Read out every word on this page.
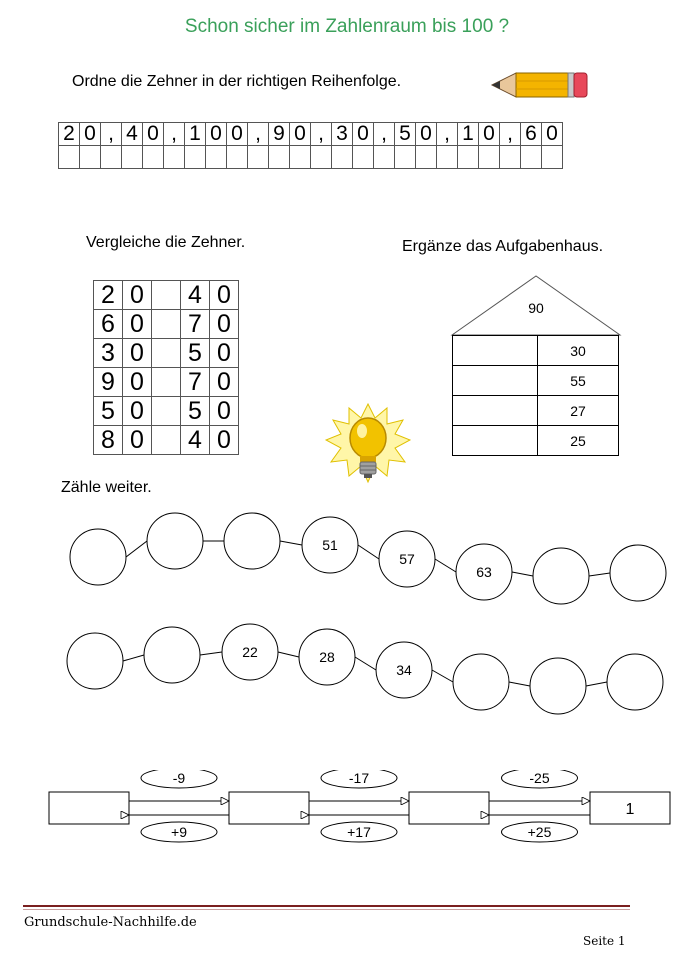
Schon sicher im Zahlenraum bis 100 ?
Ordne die Zehner in der richtigen Reihenfolge.
2	0	,	4	0	,	1	0	0	,	9	0	,	3	0	,	5	0	,	1	0	,	6	0

Vergleiche die Zehner.
2	0		4	0
6	0		7	0
3	0		5	0
9	0		7	0
5	0		5	0
8	0		4	0
Ergänze das Aufgabenhaus.
90
	30
	55
	27
	25
Zähle weiter.
51
57
63
22	28
34
1
-9
+9
-17
+17
-25
+25
Grundschule-Nachhilfe.de
Seite 1
